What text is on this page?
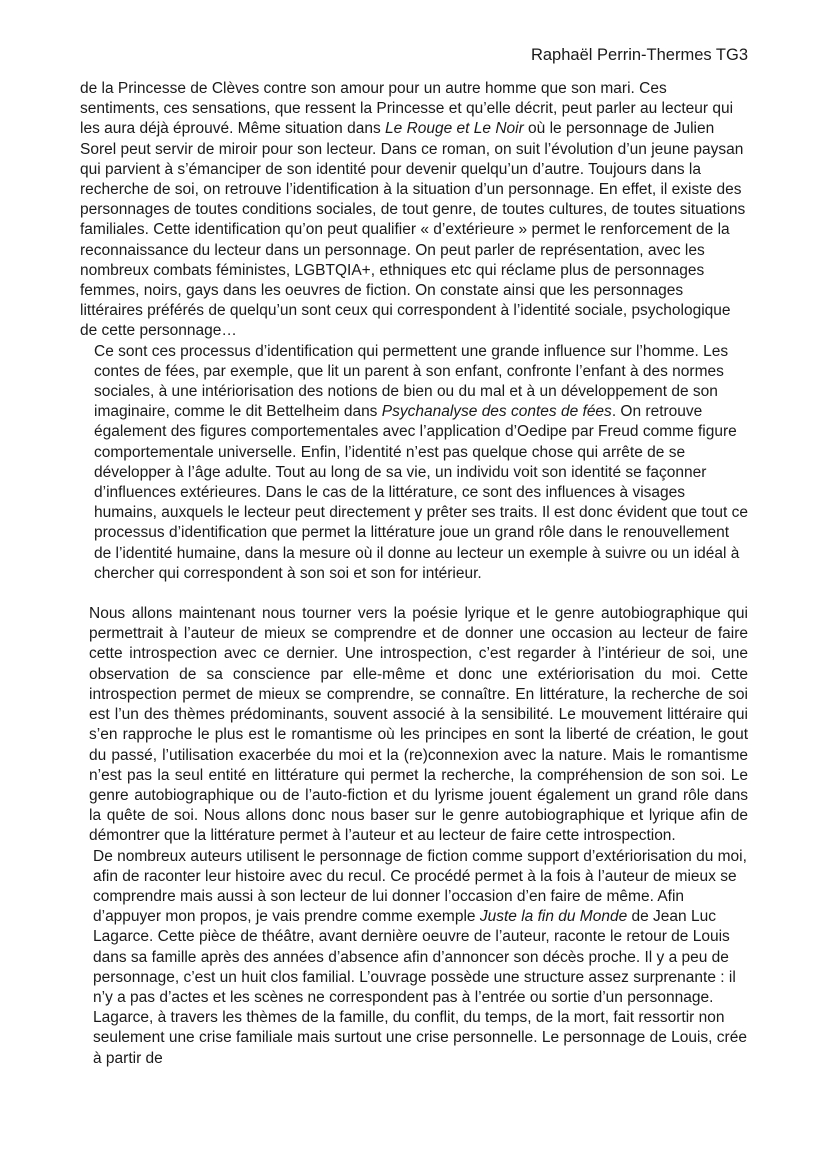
Raphaël Perrin-Thermes TG3

de la Princesse de Clèves contre son amour pour un autre homme que son mari. Ces sentiments, ces sensations, que ressent la Princesse et qu’elle décrit, peut parler au lecteur qui les aura déjà éprouvé. Même situation dans Le Rouge et Le Noir où le personnage de Julien Sorel peut servir de miroir pour son lecteur. Dans ce roman, on suit l’évolution d’un jeune paysan qui parvient à s’émanciper de son identité pour devenir quelqu’un d’autre. Toujours dans la recherche de soi, on retrouve l’identification à la situation d’un personnage. En effet, il existe des personnages de toutes conditions sociales, de tout genre, de toutes cultures, de toutes situations familiales. Cette identification qu’on peut qualifier « d’extérieure » permet le renforcement de la reconnaissance du lecteur dans un personnage. On peut parler de représentation, avec les nombreux combats féministes, LGBTQIA+, ethniques etc qui réclame plus de personnages femmes, noirs, gays dans les oeuvres de fiction. On constate ainsi que les personnages littéraires préférés de quelqu’un sont ceux qui correspondent à l’identité sociale, psychologique de cette personnage…

Ce sont ces processus d’identification qui permettent une grande influence sur l’homme. Les contes de fées, par exemple, que lit un parent à son enfant, confronte l’enfant à des normes sociales, à une intériorisation des notions de bien ou du mal et à un développement de son imaginaire, comme le dit Bettelheim dans Psychanalyse des contes de fées. On retrouve également des figures comportementales avec l’application d’Oedipe par Freud comme figure comportementale universelle. Enfin, l’identité n’est pas quelque chose qui arrête de se développer à l’âge adulte. Tout au long de sa vie, un individu voit son identité se façonner d’influences extérieures. Dans le cas de la littérature, ce sont des influences à visages humains, auxquels le lecteur peut directement y prêter ses traits. Il est donc évident que tout ce processus d’identification que permet la littérature joue un grand rôle dans le renouvellement de l’identité humaine, dans la mesure où il donne au lecteur un exemple à suivre ou un idéal à chercher qui correspondent à son soi et son for intérieur.

Nous allons maintenant nous tourner vers la poésie lyrique et le genre autobiographique qui permettrait à l’auteur de mieux se comprendre et de donner une occasion au lecteur de faire cette introspection avec ce dernier. Une introspection, c’est regarder à l’intérieur de soi, une observation de sa conscience par elle-même et donc une extériorisation du moi. Cette introspection permet de mieux se comprendre, se connaître. En littérature, la recherche de soi est l’un des thèmes prédominants, souvent associé à la sensibilité. Le mouvement littéraire qui s’en rapproche le plus est le romantisme où les principes en sont la liberté de création, le gout du passé, l’utilisation exacerbée du moi et la (re)connexion avec la nature. Mais le romantisme n’est pas la seul entité en littérature qui permet la recherche, la compréhension de son soi. Le genre autobiographique ou de l’auto-fiction et du lyrisme jouent également un grand rôle dans la quête de soi. Nous allons donc nous baser sur le genre autobiographique et lyrique afin de démontrer que la littérature permet à l’auteur et au lecteur de faire cette introspection.

De nombreux auteurs utilisent le personnage de fiction comme support d’extériorisation du moi, afin de raconter leur histoire avec du recul. Ce procédé permet à la fois à l’auteur de mieux se comprendre mais aussi à son lecteur de lui donner l’occasion d’en faire de même. Afin d’appuyer mon propos, je vais prendre comme exemple Juste la fin du Monde de Jean Luc Lagarce. Cette pièce de théâtre, avant dernière oeuvre de l’auteur, raconte le retour de Louis dans sa famille après des années d’absence afin d’annoncer son décès proche. Il y a peu de personnage, c’est un huit clos familial. L’ouvrage possède une structure assez surprenante : il n’y a pas d’actes et les scènes ne correspondent pas à l’entrée ou sortie d’un personnage. Lagarce, à travers les thèmes de la famille, du conflit, du temps, de la mort, fait ressortir non seulement une crise familiale mais surtout une crise personnelle. Le personnage de Louis, crée à partir de
